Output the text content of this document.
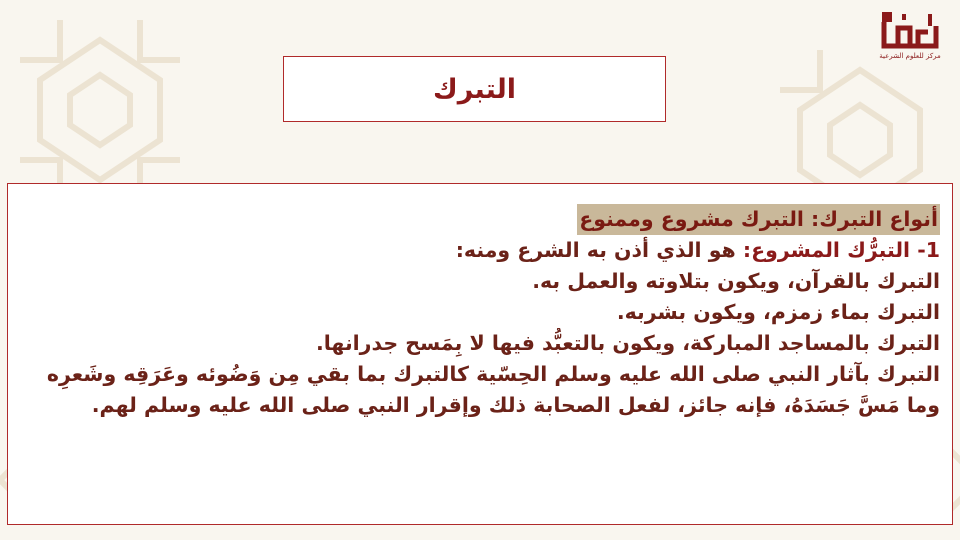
مركز للعلوم الشرعية
التبرك
أنواع التبرك: التبرك مشروع وممنوع
1- التبرُّك المشروع: هو الذي أذن به الشرع ومنه:
التبرك بالقرآن، ويكون بتلاوته والعمل به.
التبرك بماء زمزم، ويكون بشربه.
التبرك بالمساجد المباركة، ويكون بالتعبُّد فيها لا بِمَسح جدرانها.
التبرك بآثار النبي صلى الله عليه وسلم الحِسّية كالتبرك بما بقي مِن وَضُوئه وعَرَقِه وشَعرِه
وما مَسَّ جَسَدَهُ، فإنه جائز، لفعل الصحابة ذلك وإقرار النبي صلى الله عليه وسلم لهم.
